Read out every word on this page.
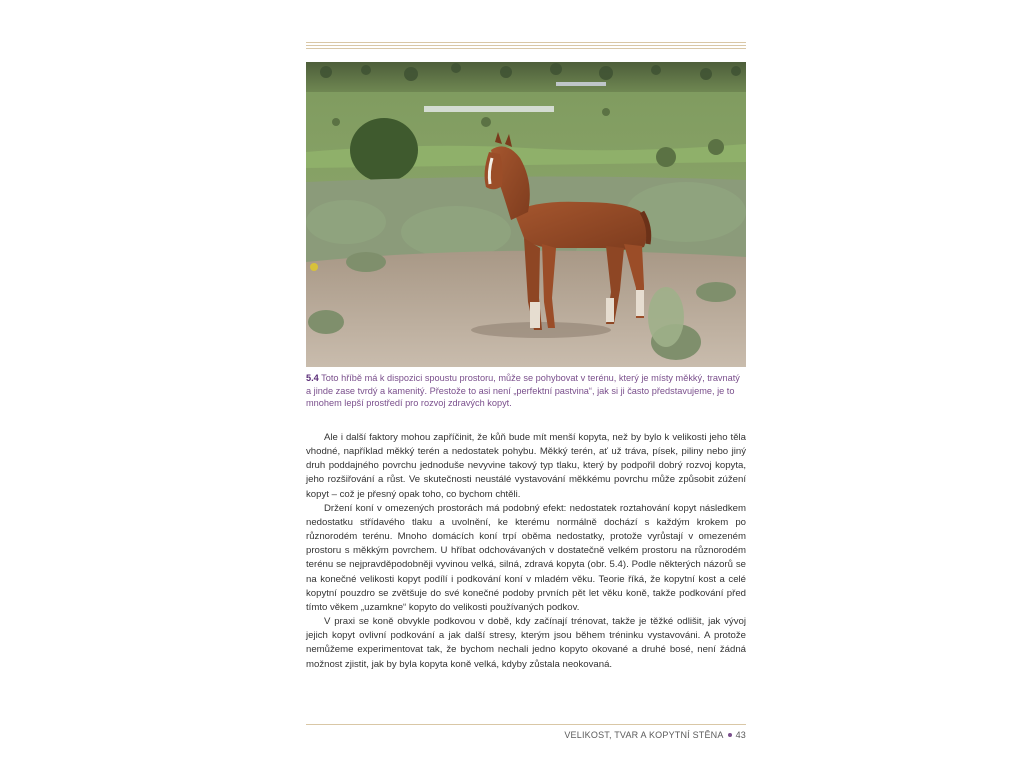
5.4 Toto hříbě má k dispozici spoustu prostoru, může se pohybovat v terénu, který je místy měkký, travnatý a jinde zase tvrdý a kamenitý. Přestože to asi není „perfektní pastvina“, jak si ji často představujeme, je to mnohem lepší prostředí pro rozvoj zdravých kopyt.

Ale i další faktory mohou zapříčinit, že kůň bude mít menší kopyta, než by bylo k velikosti jeho těla vhodné, například měkký terén a nedostatek pohybu. Měkký terén, ať už tráva, písek, piliny nebo jiný druh poddajného povrchu jednoduše nevyvine takový typ tlaku, který by podpořil dobrý rozvoj kopyta, jeho rozšiřování a růst. Ve skutečnosti neustálé vystavování měkkému povrchu může způsobit zúžení kopyt – což je přesný opak toho, co bychom chtěli.

Držení koní v omezených prostorách má podobný efekt: nedostatek roztahování kopyt následkem nedostatku střídavého tlaku a uvolnění, ke kterému normálně dochází s každým krokem po různorodém terénu. Mnoho domácích koní trpí oběma nedostatky, protože vyrůstají v omezeném prostoru s měkkým povrchem. U hříbat odchovávaných v dostatečně velkém prostoru na různorodém terénu se nejpravděpodobněji vyvinou velká, silná, zdravá kopyta (obr. 5.4). Podle některých názorů se na konečné velikosti kopyt podílí i podkování koní v mladém věku. Teorie říká, že kopytní kost a celé kopytní pouzdro se zvětšuje do své konečné podoby prvních pět let věku koně, takže podkování před tímto věkem „uzamkne“ kopyto do velikosti používaných podkov.

V praxi se koně obvykle podkovou v době, kdy začínají trénovat, takže je těžké odlišit, jak vývoj jejich kopyt ovlivní podkování a jak další stresy, kterým jsou během tréninku vystavováni. A protože nemůžeme experimentovat tak, že bychom nechali jedno kopyto okované a druhé bosé, není žádná možnost zjistit, jak by byla kopyta koně velká, kdyby zůstala neokovaná.

VELIKOST, TVAR A KOPYTNÍ STĚNA 43
